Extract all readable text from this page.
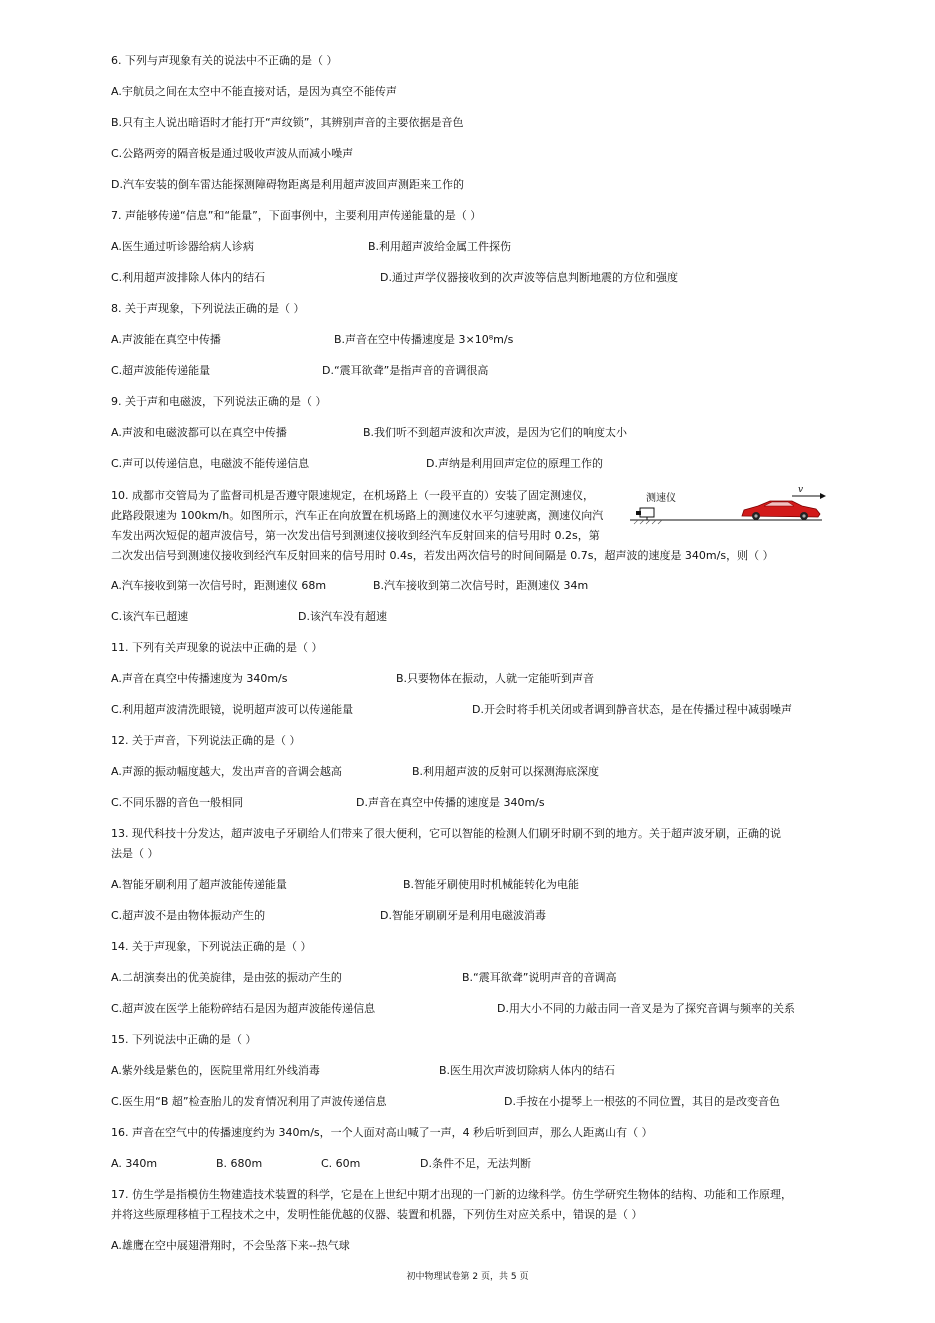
6. 下列与声现象有关的说法中不正确的是（ ）
A.宇航员之间在太空中不能直接对话，是因为真空不能传声
B.只有主人说出暗语时才能打开“声纹锁”，其辨别声音的主要依据是音色
C.公路两旁的隔音板是通过吸收声波从而减小噪声
D.汽车安装的倒车雷达能探测障碍物距离是利用超声波回声测距来工作的
7. 声能够传递“信息”和“能量”，下面事例中，主要利用声传递能量的是（ ）
A.医生通过听诊器给病人诊病	B.利用超声波给金属工件探伤
C.利用超声波排除人体内的结石	D.通过声学仪器接收到的次声波等信息判断地震的方位和强度
8. 关于声现象，下列说法正确的是（ ）
A.声波能在真空中传播	B.声音在空中传播速度是 3×10⁸m/s
C.超声波能传递能量	D.“震耳欲聋”是指声音的音调很高
9. 关于声和电磁波，下列说法正确的是（ ）
A.声波和电磁波都可以在真空中传播	B.我们听不到超声波和次声波，是因为它们的响度太小
C.声可以传递信息，电磁波不能传递信息	D.声纳是利用回声定位的原理工作的
10. 成都市交管局为了监督司机是否遵守限速规定，在机场路上（一段平直的）安装了固定测速仪，
此路段限速为 100km/h。如图所示，汽车正在向放置在机场路上的测速仪水平匀速驶离，测速仪向汽
车发出两次短促的超声波信号，第一次发出信号到测速仪接收到经汽车反射回来的信号用时 0.2s，第
二次发出信号到测速仪接收到经汽车反射回来的信号用时 0.4s，若发出两次信号的时间间隔是 0.7s，超声波的速度是 340m/s，则（ ）
测速仪
v
A.汽车接收到第一次信号时，距测速仪 68m	B.汽车接收到第二次信号时，距测速仪 34m
C.该汽车已超速	D.该汽车没有超速
11. 下列有关声现象的说法中正确的是（ ）
A.声音在真空中传播速度为 340m/s	B.只要物体在振动，人就一定能听到声音
C.利用超声波清洗眼镜，说明超声波可以传递能量	D.开会时将手机关闭或者调到静音状态，是在传播过程中减弱噪声
12. 关于声音，下列说法正确的是（ ）
A.声源的振动幅度越大，发出声音的音调会越高	B.利用超声波的反射可以探测海底深度
C.不同乐器的音色一般相同	D.声音在真空中传播的速度是 340m/s
13. 现代科技十分发达，超声波电子牙刷给人们带来了很大便利，它可以智能的检测人们刷牙时刷不到的地方。关于超声波牙刷，正确的说
法是（ ）
A.智能牙刷利用了超声波能传递能量	B.智能牙刷使用时机械能转化为电能
C.超声波不是由物体振动产生的	D.智能牙刷刷牙是利用电磁波消毒
14. 关于声现象，下列说法正确的是（ ）
A.二胡演奏出的优美旋律，是由弦的振动产生的	B.“震耳欲聋”说明声音的音调高
C.超声波在医学上能粉碎结石是因为超声波能传递信息	D.用大小不同的力敲击同一音叉是为了探究音调与频率的关系
15. 下列说法中正确的是（ ）
A.紫外线是紫色的，医院里常用红外线消毒	B.医生用次声波切除病人体内的结石
C.医生用“B 超”检查胎儿的发育情况利用了声波传递信息	D.手按在小提琴上一根弦的不同位置，其目的是改变音色
16. 声音在空气中的传播速度约为 340m/s，一个人面对高山喊了一声，4 秒后听到回声，那么人距离山有（ ）
A. 340m	B. 680m	C. 60m	D.条件不足，无法判断
17. 仿生学是指模仿生物建造技术装置的科学，它是在上世纪中期才出现的一门新的边缘科学。仿生学研究生物体的结构、功能和工作原理，
并将这些原理移植于工程技术之中，发明性能优越的仪器、装置和机器，下列仿生对应关系中，错误的是（ ）
A.雄鹰在空中展翅滑翔时，不会坠落下来--热气球
初中物理试卷第 2 页，共 5 页
